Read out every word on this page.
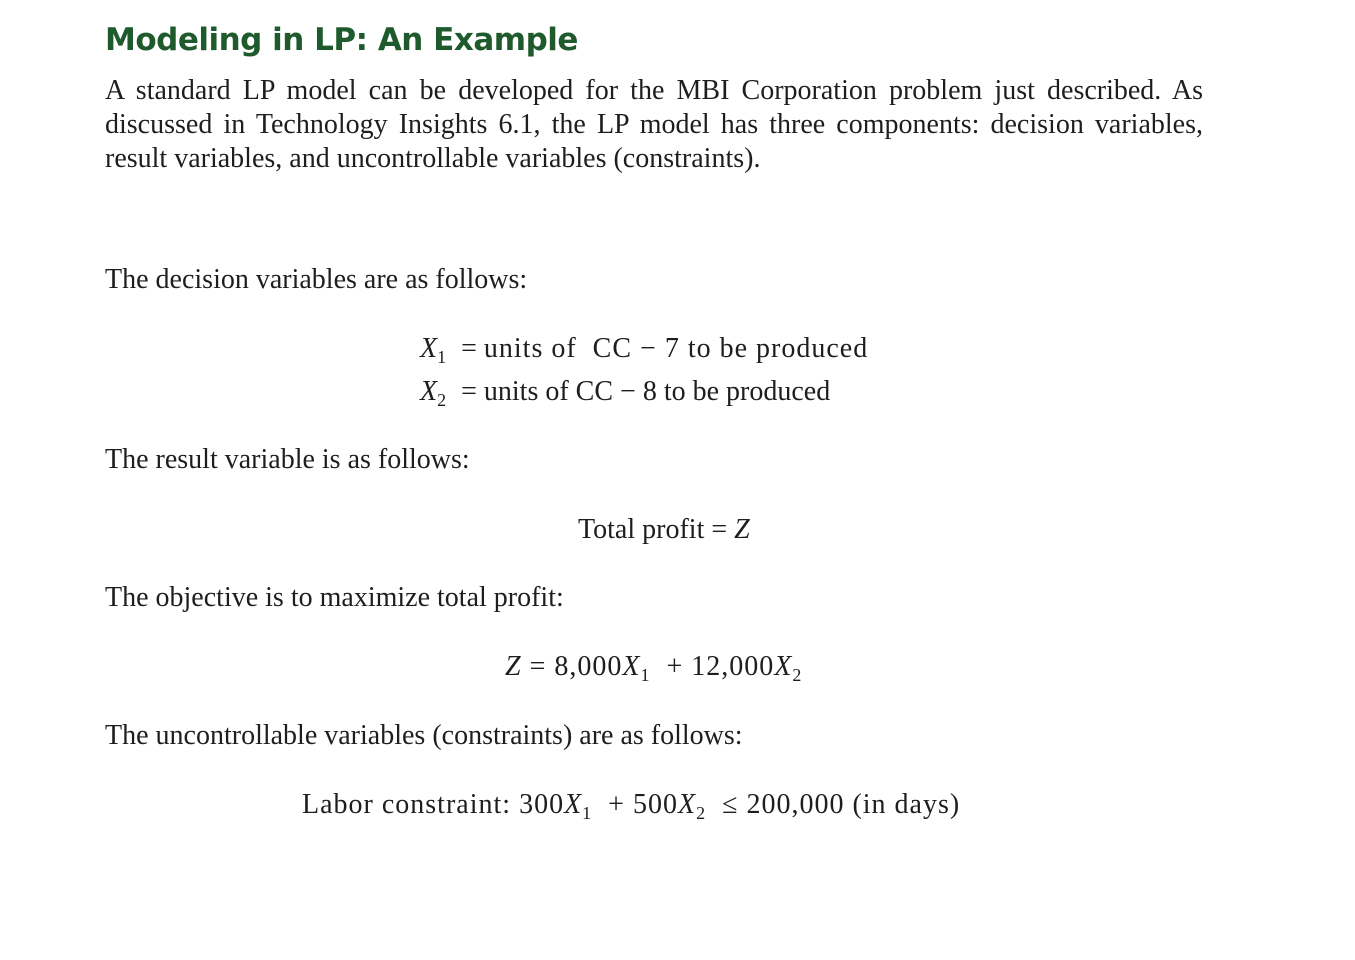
Modeling in LP: An Example

A standard LP model can be developed for the MBI Corporation problem just described. As discussed in Technology Insights 6.1, the LP model has three components: decision variables, result variables, and uncontrollable variables (constraints).

The decision variables are as follows:

$X_1$ = units of  CC − 7 to be produced
$X_2$ = units of CC − 8 to be produced

The result variable is as follows:

Total profit = Z

The objective is to maximize total profit:

$Z = 8,000X_1 + 12,000X_2$

The uncontrollable variables (constraints) are as follows:

Labor constraint: $300X_1 + 500X_2 \le 200,000$ (in days)
